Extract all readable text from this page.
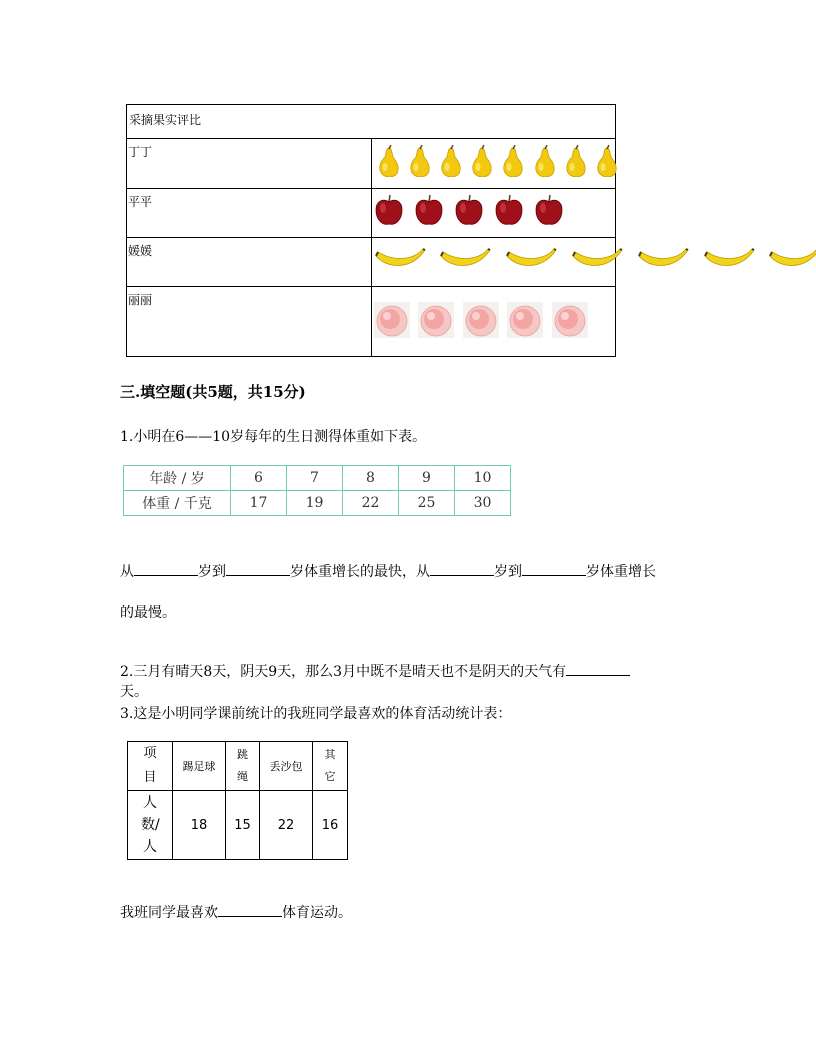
采摘果实评比	
丁丁	

平平	

媛媛	

丽丽	
三.填空题(共5题，共15分)
1.小明在6——10岁每年的生日测得体重如下表。
年龄 / 岁	6	7	8	9	10
体重 / 千克	17	19	22	25	30
从	岁到	岁体重增长的最快，从	岁到	岁体重增长
的最慢。
2.三月有晴天8天，阴天9天，那么3月中既不是晴天也不是阴天的天气有
天。
3.这是小明同学课前统计的我班同学最喜欢的体育活动统计表：
项目	踢足球	跳绳	丢沙包	其它
人数/人	18	15	22	16
我班同学最喜欢	体育运动。
